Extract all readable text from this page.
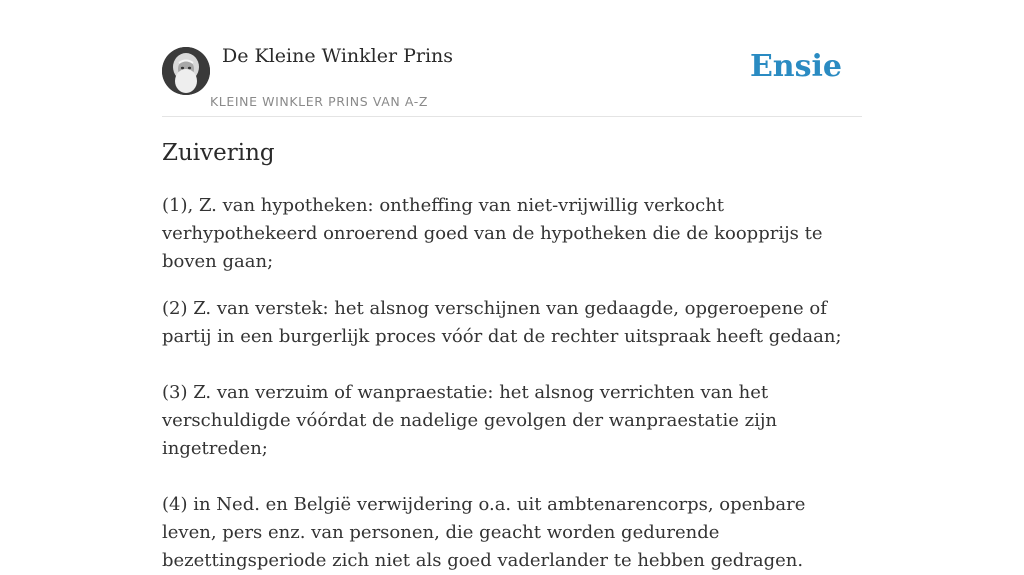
De Kleine Winkler Prins
KLEINE WINKLER PRINS VAN A-Z
Ensie
Zuivering

(1), Z. van hypotheken: ontheffing van niet-vrijwillig verkocht verhypothekeerd onroerend goed van de hypotheken die de koopprijs te boven gaan;

(2) Z. van verstek: het alsnog verschijnen van gedaagde, opgeroepene of partij in een burgerlijk proces vóór dat de rechter uitspraak heeft gedaan;

(3) Z. van verzuim of wanpraestatie: het alsnog verrichten van het verschuldigde vóórdat de nadelige gevolgen der wanpraestatie zijn ingetreden;

(4) in Ned. en België verwijdering o.a. uit ambtenarencorps, openbare leven, pers enz. van personen, die geacht worden gedurende bezettingsperiode zich niet als goed vaderlander te hebben gedragen.
